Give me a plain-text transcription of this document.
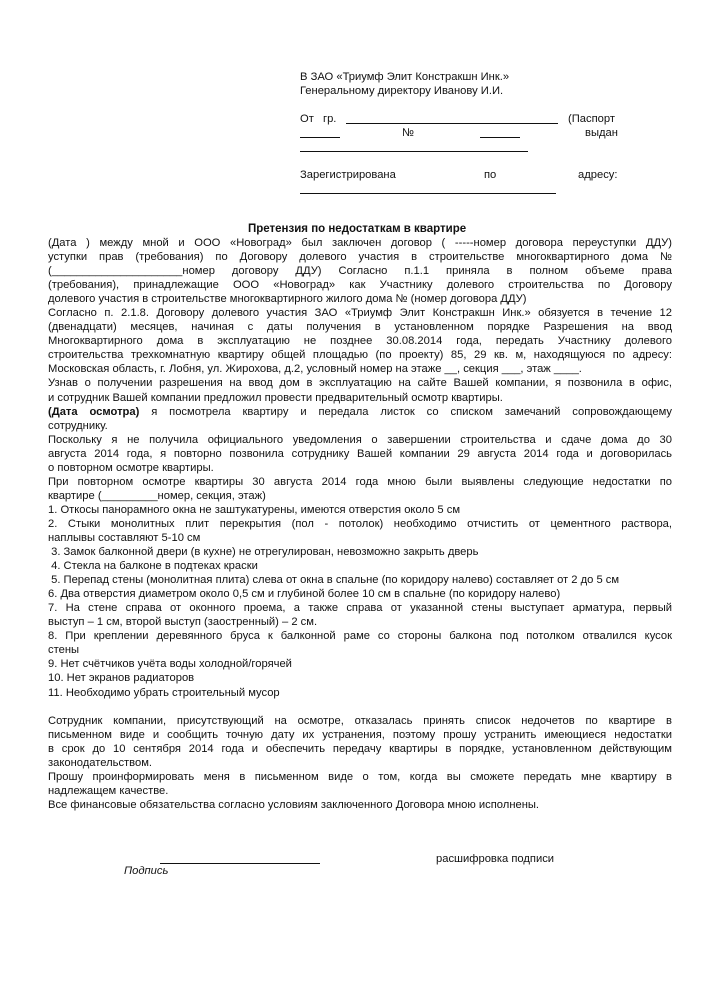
В ЗАО «Триумф Элит Констракшн Инк.»
Генеральному директору Иванову И.И.
От гр.	(Паспорт
№	выдан
Зарегистрирована	по	адресу:
Претензия по недостаткам в квартире

(Дата ) между мной и ООО «Новоград» был заключен договор ( -----номер договора переуступки ДДУ)

уступки прав (требования) по Договору долевого участия в строительстве многоквартирного дома №

(_____________________номер договору ДДУ) Согласно п.1.1 приняла в полном объеме права

(требования), принадлежащие ООО «Новоград» как Участнику долевого строительства по Договору

долевого участия в строительстве многоквартирного жилого дома № (номер договора ДДУ)

Согласно п. 2.1.8. Договору долевого участия ЗАО «Триумф Элит Констракшн Инк.» обязуется в течение 12

(двенадцати) месяцев, начиная с даты получения в установленном порядке Разрешения на ввод

Многоквартирного дома в эксплуатацию не позднее 30.08.2014 года, передать Участнику долевого

строительства трехкомнатную квартиру общей площадью (по проекту) 85, 29 кв. м, находящуюся по адресу:

Московская область, г. Лобня, ул. Жирохова, д.2, условный номер на этаже __, секция ___, этаж ____.

Узнав о получении разрешения на ввод дом в эксплуатацию на сайте Вашей компании, я позвонила в офис,

и сотрудник Вашей компании предложил провести предварительный осмотр квартиры.

(Дата осмотра) я посмотрела квартиру и передала листок со списком замечаний сопровождающему

сотруднику.

Поскольку я не получила официального уведомления о завершении строительства и сдаче дома до 30

августа 2014 года, я повторно позвонила сотруднику Вашей компании 29 августа 2014 года и договорилась

о повторном осмотре квартиры.

При повторном осмотре квартиры 30 августа 2014 года мною были выявлены следующие недостатки по

квартире (_________номер, секция, этаж)

1. Откосы панорамного окна не заштукатурены, имеются отверстия около 5 см

2. Стыки монолитных плит перекрытия (пол - потолок) необходимо отчистить от цементного раствора,

наплывы составляют 5-10 см

3. Замок балконной двери (в кухне) не отрегулирован, невозможно закрыть дверь

4. Стекла на балконе в подтеках краски

5. Перепад стены (монолитная плита) слева от окна в спальне (по коридору налево) составляет от 2 до 5 см

6. Два отверстия диаметром около 0,5 см и глубиной более 10 см в спальне (по коридору налево)

7. На стене справа от оконного проема, а также справа от указанной стены выступает арматура, первый

выступ – 1 см, второй выступ (заостренный) – 2 см.

8. При креплении деревянного бруса к балконной раме со стороны балкона под потолком отвалился кусок

стены

9. Нет счётчиков учёта воды холодной/горячей

10. Нет экранов радиаторов

11. Необходимо убрать строительный мусор

Сотрудник компании, присутствующий на осмотре, отказалась принять список недочетов по квартире в

письменном виде и сообщить точную дату их устранения, поэтому прошу устранить имеющиеся недостатки

в срок до 10 сентября 2014 года и обеспечить передачу квартиры в порядке, установленном действующим

законодательством.

Прошу проинформировать меня в письменном виде о том, когда вы сможете передать мне квартиру в

надлежащем качестве.

Все финансовые обязательства согласно условиям заключенного Договора мною исполнены.

Подпись
расшифровка подписи
